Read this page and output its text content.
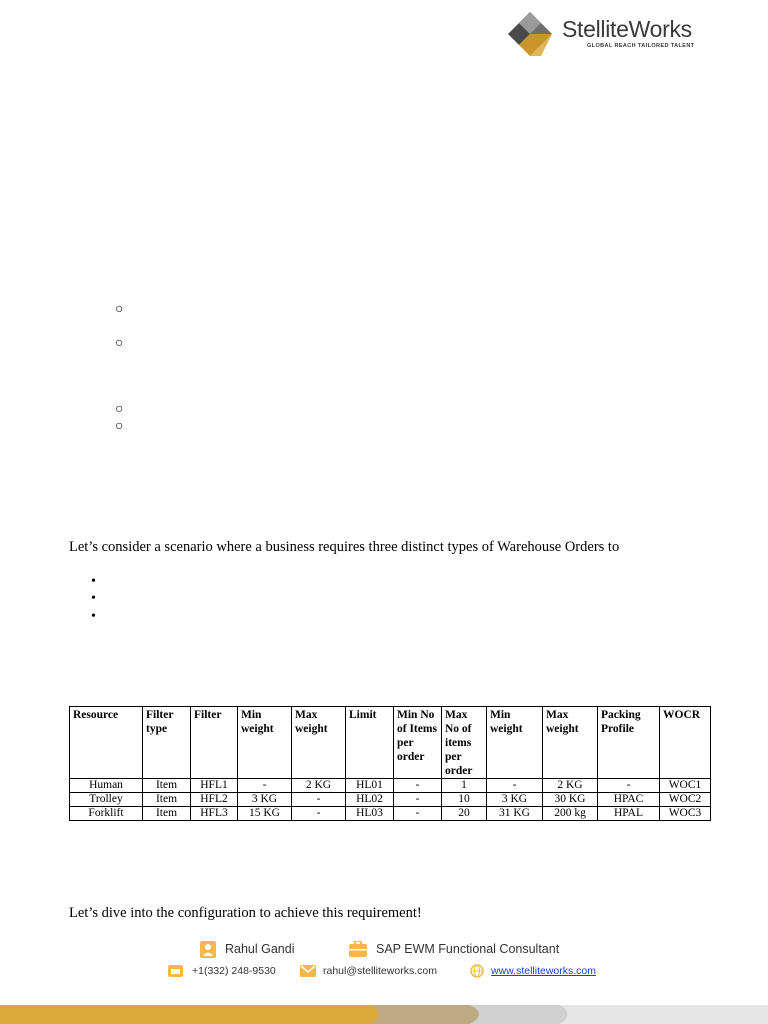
StelliteWorks
GLOBAL REACH TAILORED TALENT
○
○
○
○
Let’s consider a scenario where a business requires three distinct types of Warehouse Orders to
•
•
•
Resource	Filter type	Filter	Min weight	Max weight	Limit	Min No of Items per order	Max No of items per order	Min weight	Max weight	Packing Profile	WOCR
Human	Item	HFL1	-	2 KG	HL01	-	1	-	2 KG	-	WOC1
Trolley	Item	HFL2	3 KG	-	HL02	-	10	3 KG	30 KG	HPAC	WOC2
Forklift	Item	HFL3	15 KG	-	HL03	-	20	31 KG	200 kg	HPAL	WOC3
Let’s dive into the configuration to achieve this requirement!
Rahul Gandi	SAP EWM Functional Consultant
+1(332) 248-9530	rahul@stelliteworks.com	www.stelliteworks.com
